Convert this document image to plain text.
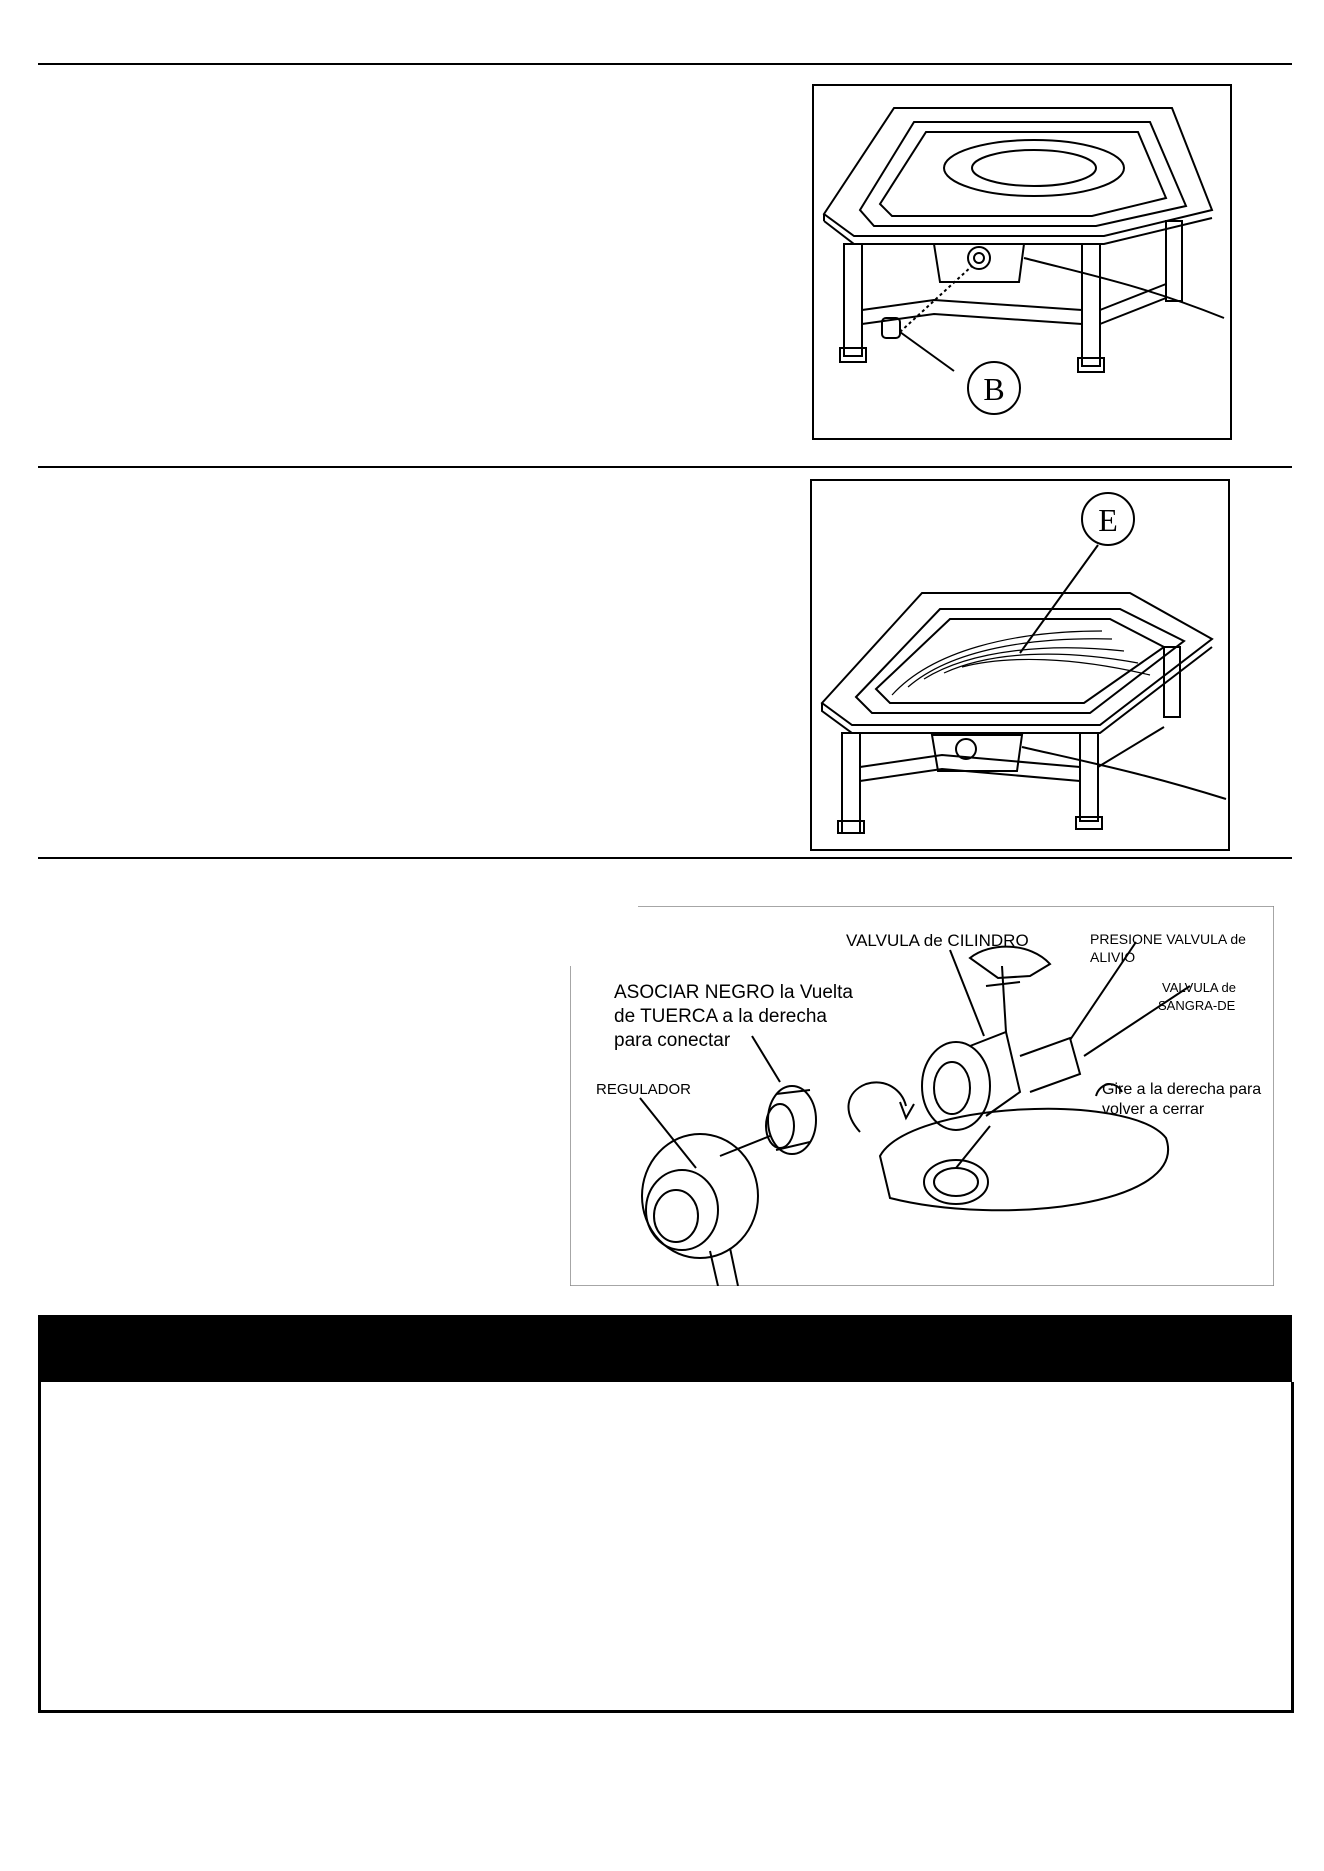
B
E
VALVULA de CILINDRO	PRESIONE VALVULA de
ALIVIO
VALVULA de
SANGRA-DE
ASOCIAR NEGRO la Vuelta
de TUERCA a la derecha
para conectar
REGULADOR	Gire a la derecha para
volver a cerrar
